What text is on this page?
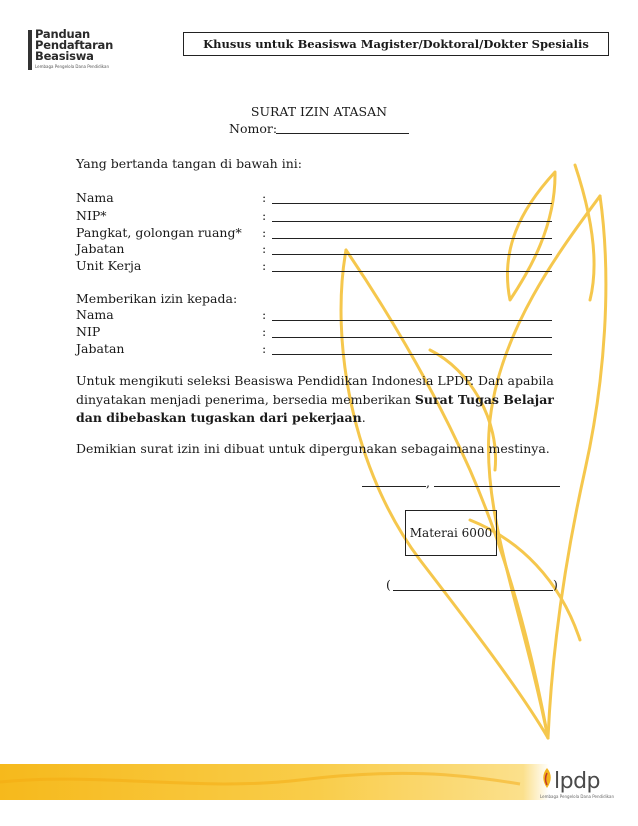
Panduan
Pendaftaran
Beasiswa
Lembaga Pengelola Dana Pendidikan
Khusus untuk Beasiswa Magister/Doktoral/Dokter Spesialis
SURAT IZIN ATASAN
Nomor:
Yang bertanda tangan di bawah ini:
Nama	:
NIP*	:
Pangkat, golongan ruang* :
Jabatan	:
Unit Kerja	:
Memberikan izin kepada:
Nama	:
NIP	:
Jabatan	:
Untuk mengikuti seleksi Beasiswa Pendidikan Indonesia LPDP. Dan apabila dinyatakan menjadi penerima, bersedia memberikan Surat Tugas Belajar dan dibebaskan tugaskan dari pekerjaan.
Demikian surat izin ini dibuat untuk dipergunakan sebagaimana mestinya.
,
Materai 6000
(	)
lpdp
Lembaga Pengelola Dana Pendidikan
